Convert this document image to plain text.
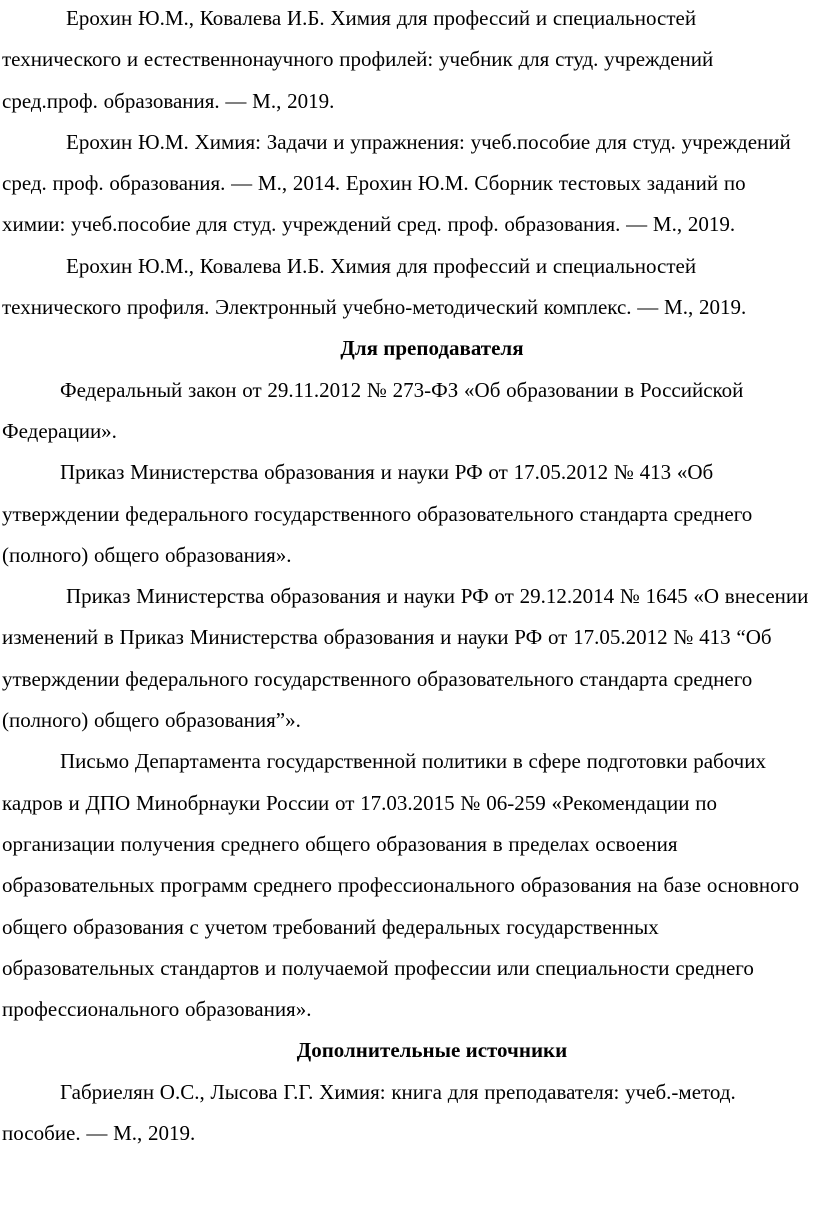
Ерохин Ю.М., Ковалева И.Б. Химия для профессий и специальностей технического и естественнонаучного профилей: учебник для студ. учреждений сред.проф. образования. — М., 2019.

Ерохин Ю.М. Химия: Задачи и упражнения: учеб.пособие для студ. учреждений сред. проф. образования. — М., 2014. Ерохин Ю.М. Сборник тестовых заданий по химии: учеб.пособие для студ. учреждений сред. проф. образования. — М., 2019.

Ерохин Ю.М., Ковалева И.Б. Химия для профессий и специальностей технического профиля. Электронный учебно-методический комплекс. — М., 2019.

Для преподавателя

Федеральный закон от 29.11.2012 № 273-ФЗ «Об образовании в Российской Федерации».

Приказ Министерства образования и науки РФ от 17.05.2012 № 413 «Об утверждении федерального государственного образовательного стандарта среднего (полного) общего образования».

Приказ Министерства образования и науки РФ от 29.12.2014 № 1645 «О внесении изменений в Приказ Министерства образования и науки РФ от 17.05.2012 № 413 “Об утверждении федерального государственного образовательного стандарта среднего (полного) общего образования”».

Письмо Департамента государственной политики в сфере подготовки рабочих кадров и ДПО Минобрнауки России от 17.03.2015 № 06-259 «Рекомендации по организации получения среднего общего образования в пределах освоения образовательных программ среднего профессионального образования на базе основного общего образования с учетом требований федеральных государственных образовательных стандартов и получаемой профессии или специальности среднего профессионального образования».

Дополнительные источники

Габриелян О.С., Лысова Г.Г. Химия: книга для преподавателя: учеб.-метод. пособие. — М., 2019.
